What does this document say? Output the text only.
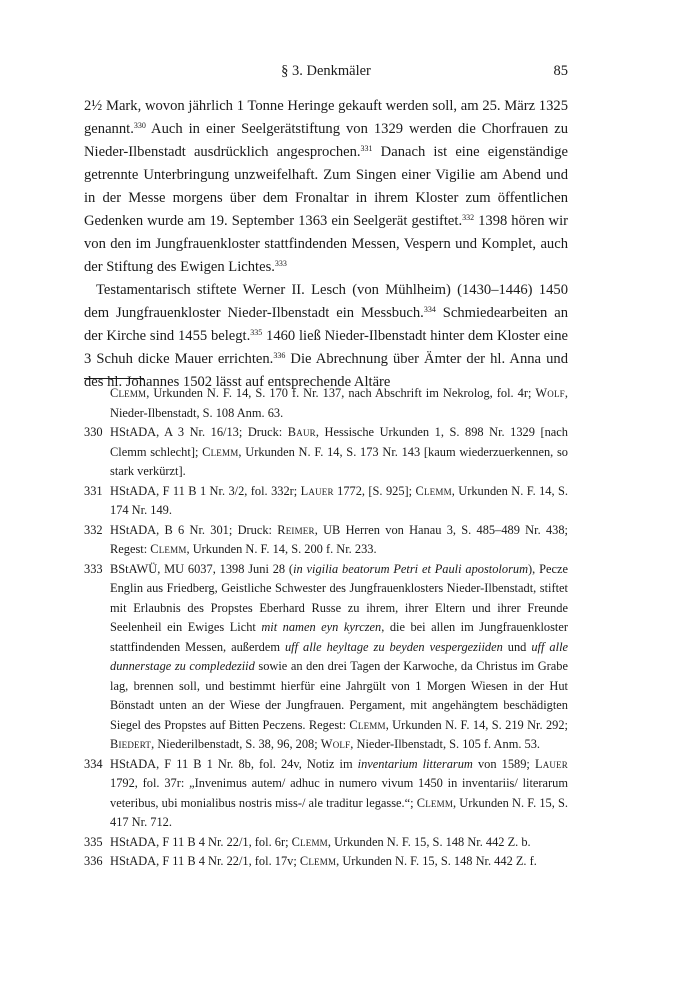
§ 3. Denkmäler	85

2½ Mark, wovon jährlich 1 Tonne Heringe gekauft werden soll, am 25. März 1325 genannt.$^{330}$ Auch in einer Seelgerätstiftung von 1329 werden die Chorfrauen zu Nieder-Ilbenstadt ausdrücklich angesprochen.$^{331}$ Danach ist eine eigenständige getrennte Unterbringung unzweifelhaft. Zum Singen einer Vigilie am Abend und in der Messe morgens über dem Fronaltar in ihrem Kloster zum öffentlichen Gedenken wurde am 19. September 1363 ein Seelgerät gestiftet.$^{332}$ 1398 hören wir von den im Jungfrauenkloster stattfindenden Messen, Vespern und Komplet, auch der Stiftung des Ewigen Lichtes.$^{333}$

Testamentarisch stiftete Werner II. Lesch (von Mühlheim) (1430–1446) 1450 dem Jungfrauenkloster Nieder-Ilbenstadt ein Messbuch.$^{334}$ Schmiedearbeiten an der Kirche sind 1455 belegt.$^{335}$ 1460 ließ Nieder-Ilbenstadt hinter dem Kloster eine 3 Schuh dicke Mauer errichten.$^{336}$ Die Abrechnung über Ämter der hl. Anna und des hl. Johannes 1502 lässt auf entsprechende Altäre

Clemm, Urkunden N. F. 14, S. 170 f. Nr. 137, nach Abschrift im Nekrolog, fol. 4r; Wolf, Nieder-Ilbenstadt, S. 108 Anm. 63.
330 HStADA, A 3 Nr. 16/13; Druck: Baur, Hessische Urkunden 1, S. 898 Nr. 1329 [nach Clemm schlecht]; Clemm, Urkunden N. F. 14, S. 173 Nr. 143 [kaum wiederzuerkennen, so stark verkürzt].
331 HStADA, F 11 B 1 Nr. 3/2, fol. 332r; Lauer 1772, [S. 925]; Clemm, Urkunden N. F. 14, S. 174 Nr. 149.
332 HStADA, B 6 Nr. 301; Druck: Reimer, UB Herren von Hanau 3, S. 485–489 Nr. 438; Regest: Clemm, Urkunden N. F. 14, S. 200 f. Nr. 233.
333 BStAWÜ, MU 6037, 1398 Juni 28 (in vigilia beatorum Petri et Pauli apostolorum), Pecze Englin aus Friedberg, Geistliche Schwester des Jungfrauenklosters Nieder-Ilbenstadt, stiftet mit Erlaubnis des Propstes Eberhard Russe zu ihrem, ihrer Eltern und ihrer Freunde Seelenheil ein Ewiges Licht mit namen eyn kyrczen, die bei allen im Jungfrauenkloster stattfindenden Messen, außerdem uff alle heyltage zu beyden vespergeziiden und uff alle dunnerstage zu compledeziid sowie an den drei Tagen der Karwoche, da Christus im Grabe lag, brennen soll, und bestimmt hierfür eine Jahrgült von 1 Morgen Wiesen in der Hut Bönstadt unten an der Wiese der Jungfrauen. Pergament, mit angehängtem beschädigten Siegel des Propstes auf Bitten Peczens. Regest: Clemm, Urkunden N. F. 14, S. 219 Nr. 292; Biedert, Niederilbenstadt, S. 38, 96, 208; Wolf, Nieder-Ilbenstadt, S. 105 f. Anm. 53.
334 HStADA, F 11 B 1 Nr. 8b, fol. 24v, Notiz im inventarium litterarum von 1589; Lauer 1792, fol. 37r: „Invenimus autem/ adhuc in numero vivum 1450 in inventariis/ literarum veteribus, ubi monialibus nostris miss-/ ale traditur legasse.“; Clemm, Urkunden N. F. 15, S. 417 Nr. 712.
335 HStADA, F 11 B 4 Nr. 22/1, fol. 6r; Clemm, Urkunden N. F. 15, S. 148 Nr. 442 Z. b.
336 HStADA, F 11 B 4 Nr. 22/1, fol. 17v; Clemm, Urkunden N. F. 15, S. 148 Nr. 442 Z. f.
